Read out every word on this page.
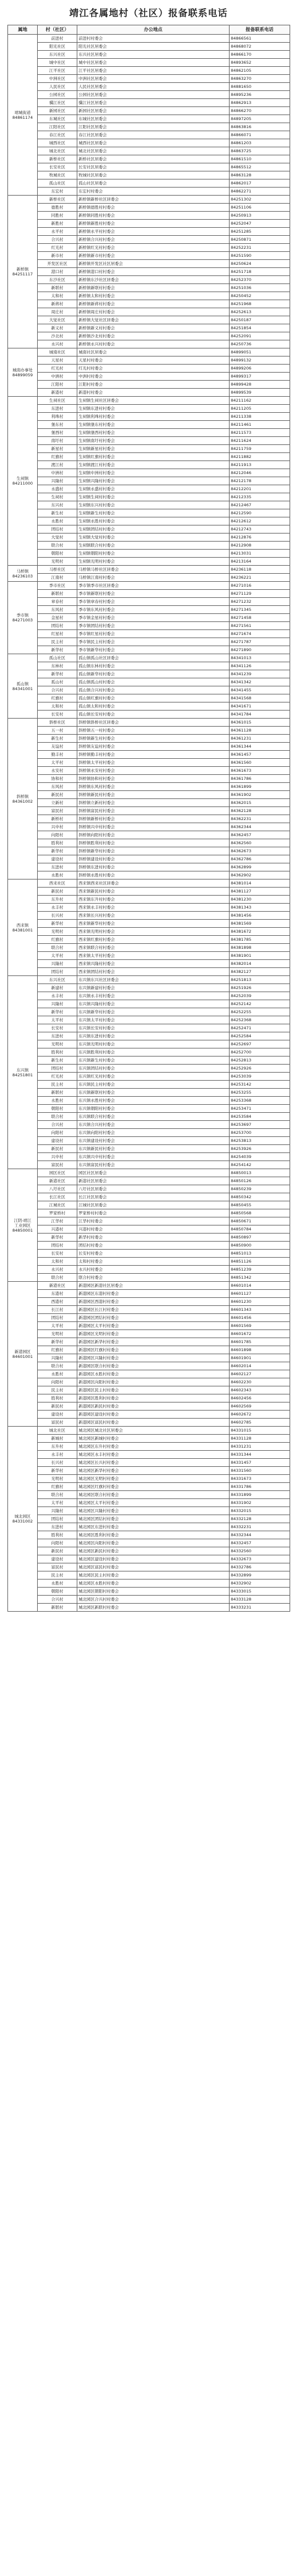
靖江各属地村（社区）报备联系电话
属地	村（社区）	办公地点	报备联系电话
靖城街道
84861174	前进村	前进村村委会	84866561
	阳光社区	阳光社区居委会	84868072
	东兴社区	东兴社区居委会	84866170
	城中社区	城中社区居委会	84893652
	江平社区	江平社区居委会	84862105
	中洲社区	中洲社区居委会	84863270
	人民社区	人民社区居委会	84881650
	公园社区	公园社区居委会	84895236
	骥江社区	骥江社区居委会	84862913
	新园社区	新园社区居委会	84866270
	东城社区	东城社区居委会	84897205
	江阳社区	江阳社区居委会	84863816
	春江社区	春江社区居委会	84866071
	城西社区	城西社区居委会	84861203
	城北社区	城北社区居委会	84863725
	新桥社区	新桥社区居委会	84861510
	长安社区	长安社区居委会	84865512
	牧城社区	牧城社区居委会	84863128
	孤山社区	孤山社区居委会	84862017
	东宏村	东宏村村委会	84862271
新桥镇
84251117	新桥社区	新桥镇新桥社区居委会	84251302
	德胜村	新桥镇德胜村村委会	84251106
	同胜村	新桥镇同胜村村委会	84250913
	新胜村	新桥镇新胜村村委会	84252047
	永平村	新桥镇永平村村委会	84251285
	合兴村	新桥镇合兴村村委会	84250871
	红光村	新桥镇红光村村委会	84252231
	新市村	新桥镇新市村村委会	84251590
	开发区社区	新桥镇开发区社区居委会	84250624
	港口村	新桥镇港口村村委会	84251718
	东沙社区	新桥镇东沙社区居委会	84252370
	新联村	新桥镇新联村村委会	84251036
	太和村	新桥镇太和村村委会	84250452
	新蒋村	新桥镇新蒋村村委会	84251968
	周庄村	新桥镇周庄村村委会	84252613
	大觉社区	新桥镇大觉社区居委会	84250187
	新义村	新桥镇新义村村委会	84251854
	沙北村	新桥镇沙北村村委会	84252091
	永兴村	新桥镇永兴村村委会	84250736
城南办事处
84899059	城南社区	城南社区居委会	84899051
	天星村	天星村村委会	84899132
	红光村	红光村村委会	84899206
	中洲村	中洲村村委会	84899317
	江阳村	江阳村村委会	84899428
	新港村	新港村村委会	84899539
生祠镇
84211000	生祠社区	生祠镇生祠社区居委会	84211162
	东进村	生祠镇东进村村委会	84211205
	利珠村	生祠镇利珠村村委会	84211338
	堡东村	生祠镇堡东村村委会	84211461
	堡西村	生祠镇堡西村村委会	84211573
	南圩村	生祠镇南圩村村委会	84211624
	新星村	生祠镇新星村村委会	84211759
	红旗村	生祠镇红旗村村委会	84211882
	渡江村	生祠镇渡江村村委会	84211913
	中洲村	生祠镇中洲村村委会	84212046
	兴隆村	生祠镇兴隆村村委会	84212178
	永盛村	生祠镇永盛村村委会	84212201
	生祠村	生祠镇生祠村村委会	84212335
	东兴村	生祠镇东兴村村委会	84212467
	新生村	生祠镇新生村村委会	84212590
	永胜村	生祠镇永胜村村委会	84212612
	团结村	生祠镇团结村村委会	84212743
	大觉村	生祠镇大觉村村委会	84212876
	联合村	生祠镇联合村村委会	84212908
	朝阳村	生祠镇朝阳村村委会	84213031
	光明村	生祠镇光明村村委会	84213164
马桥镇
84236103	马桥社区	马桥镇马桥社区居委会	84236118
	江南村	马桥镇江南村村委会	84236221
季市镇
84271003	季市社区	季市镇季市社区居委会	84271016
	新联村	季市镇新联村村委会	84271129
	章春村	季市镇章春村村委会	84271232
	东风村	季市镇东风村村委会	84271345
	金星村	季市镇金星村村委会	84271458
	团结村	季市镇团结村村委会	84271561
	红星村	季市镇红星村村委会	84271674
	民主村	季市镇民主村村委会	84271787
	新华村	季市镇新华村村委会	84271890
孤山镇
84341001	孤山社区	孤山镇孤山社区居委会	84341013
	东林村	孤山镇东林村村委会	84341126
	新华村	孤山镇新华村村委会	84341239
	孤山村	孤山镇孤山村村委会	84341342
	合兴村	孤山镇合兴村村委会	84341455
	红旗村	孤山镇红旗村村委会	84341568
	太和村	孤山镇太和村村委会	84341671
	长安村	孤山镇长安村村委会	84341784
斜桥镇
84361002	斜桥社区	斜桥镇斜桥社区居委会	84361015
	五一村	斜桥镇五一村村委会	84361128
	新生村	斜桥镇新生村村委会	84361231
	友谊村	斜桥镇友谊村村委会	84361344
	勤丰村	斜桥镇勤丰村村委会	84361457
	太平村	斜桥镇太平村村委会	84361560
	永安村	斜桥镇永安村村委会	84361673
	协和村	斜桥镇协和村村委会	84361786
	东风村	斜桥镇东风村村委会	84361899
	新民村	斜桥镇新民村村委会	84361902
	立新村	斜桥镇立新村村委会	84362015
	富民村	斜桥镇富民村村委会	84362128
	新桥村	斜桥镇新桥村村委会	84362231
	兴中村	斜桥镇兴中村村委会	84362344
	向阳村	斜桥镇向阳村村委会	84362457
	胜利村	斜桥镇胜利村村委会	84362560
	新华村	斜桥镇新华村村委会	84362673
	建设村	斜桥镇建设村村委会	84362786
	东进村	斜桥镇东进村村委会	84362899
	永胜村	斜桥镇永胜村村委会	84362902
西来镇
84381001	西来社区	西来镇西来社区居委会	84381014
	新民村	西来镇新民村村委会	84381127
	东升村	西来镇东升村村委会	84381230
	永丰村	西来镇永丰村村委会	84381343
	长兴村	西来镇长兴村村委会	84381456
	新华村	西来镇新华村村委会	84381569
	光明村	西来镇光明村村委会	84381672
	红旗村	西来镇红旗村村委会	84381785
	联合村	西来镇联合村村委会	84381898
	太平村	西来镇太平村村委会	84381901
	兴隆村	西来镇兴隆村村委会	84382014
	团结村	西来镇团结村村委会	84382127
东兴镇
84251801	东兴社区	东兴镇东兴社区居委会	84251813
	新建村	东兴镇新建村村委会	84251926
	永丰村	东兴镇永丰村村委会	84252039
	兴隆村	东兴镇兴隆村村委会	84252142
	新华村	东兴镇新华村村委会	84252255
	太平村	东兴镇太平村村委会	84252368
	长安村	东兴镇长安村村委会	84252471
	东进村	东兴镇东进村村委会	84252584
	光明村	东兴镇光明村村委会	84252697
	胜利村	东兴镇胜利村村委会	84252700
	新生村	东兴镇新生村村委会	84252813
	团结村	东兴镇团结村村委会	84252926
	红光村	东兴镇红光村村委会	84253039
	民主村	东兴镇民主村村委会	84253142
	新联村	东兴镇新联村村委会	84253255
	永胜村	东兴镇永胜村村委会	84253368
	朝阳村	东兴镇朝阳村村委会	84253471
	联合村	东兴镇联合村村委会	84253584
	合兴村	东兴镇合兴村村委会	84253697
	向阳村	东兴镇向阳村村委会	84253700
	建设村	东兴镇建设村村委会	84253813
	新民村	东兴镇新民村村委会	84253926
	兴中村	东兴镇兴中村村委会	84254039
	富民村	东兴镇富民村村委会	84254142
江阴-靖江
工业园区
84850001	园区社区	园区社区居委会	84850013
	新港社区	新港社区居委会	84850126
	八圩社区	八圩社区居委会	84850239
	长江社区	长江社区居委会	84850342
	江城社区	江城社区居委会	84850455
	罗家桥村	罗家桥村村委会	84850568
	江华村	江华村村委会	84850671
	兴港村	兴港村村委会	84850784
	新华村	新华村村委会	84850897
	团结村	团结村村委会	84850900
	长安村	长安村村委会	84851013
	太和村	太和村村委会	84851126
	永兴村	永兴村村委会	84851239
	联合村	联合村村委会	84851342
新港园区
84601001	新港社区	新港园区新港社区居委会	84601014
	东港村	新港园区东港村村委会	84601127
	西港村	新港园区西港村村委会	84601230
	长江村	新港园区长江村村委会	84601343
	团结村	新港园区团结村村委会	84601456
	太平村	新港园区太平村村委会	84601569
	光明村	新港园区光明村村委会	84601672
	新华村	新港园区新华村村委会	84601785
	红旗村	新港园区红旗村村委会	84601898
	兴隆村	新港园区兴隆村村委会	84601901
	联合村	新港园区联合村村委会	84602014
	永胜村	新港园区永胜村村委会	84602127
	向阳村	新港园区向阳村村委会	84602230
	民主村	新港园区民主村村委会	84602343
	胜利村	新港园区胜利村村委会	84602456
	新民村	新港园区新民村村委会	84602569
	建设村	新港园区建设村村委会	84602672
	富民村	新港园区富民村村委会	84602785
城北园区
84331002	城北社区	城北园区城北社区居委会	84331015
	新城村	城北园区新城村村委会	84331128
	东升村	城北园区东升村村委会	84331231
	永丰村	城北园区永丰村村委会	84331344
	长兴村	城北园区长兴村村委会	84331457
	新华村	城北园区新华村村委会	84331560
	光明村	城北园区光明村村委会	84331673
	红旗村	城北园区红旗村村委会	84331786
	联合村	城北园区联合村村委会	84331899
	太平村	城北园区太平村村委会	84331902
	兴隆村	城北园区兴隆村村委会	84332015
	团结村	城北园区团结村村委会	84332128
	东进村	城北园区东进村村委会	84332231
	胜利村	城北园区胜利村村委会	84332344
	向阳村	城北园区向阳村村委会	84332457
	新民村	城北园区新民村村委会	84332560
	建设村	城北园区建设村村委会	84332673
	富民村	城北园区富民村村委会	84332786
	民主村	城北园区民主村村委会	84332899
	永胜村	城北园区永胜村村委会	84332902
	朝阳村	城北园区朝阳村村委会	84333015
	合兴村	城北园区合兴村村委会	84333128
	新联村	城北园区新联村村委会	84333231
